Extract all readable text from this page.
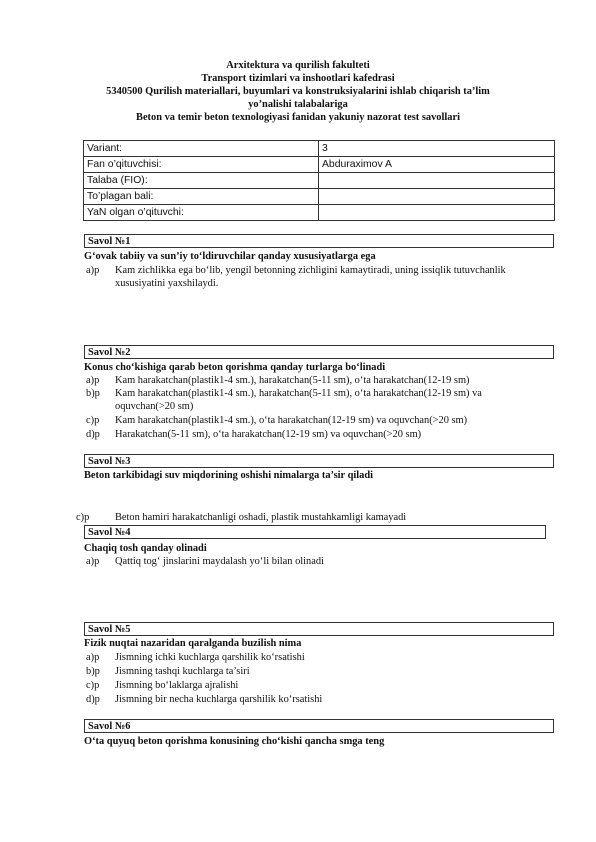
Arxitektura va qurilish fakulteti
Transport tizimlari va inshootlari kafedrasi
5340500 Qurilish materiallari, buyumlari va konstruksiyalarini ishlab chiqarish ta’lim
yo’nalishi talabalariga
Beton va temir beton texnologiyasi fanidan yakuniy nazorat test savollari
Variant:	3
Fan o’qituvchisi:	Abduraximov A
Talaba (FIO):	
To’plagan bali:	
YaN olgan o’qituvchi:	
Savol №1
G‘ovak tabiiy va sun’iy to‘ldiruvchilar qanday xususiyatlarga ega
a)p Kam zichlikka ega bo‘lib, yengil betonning zichligini kamaytiradi, uning issiqlik tutuvchanlik xususiyatini yaxshilaydi.
Savol №2
Konus cho‘kishiga qarab beton qorishma qanday turlarga bo‘linadi
a)p Kam harakatchan(plastik1-4 sm.), harakatchan(5-11 sm), o‘ta harakatchan(12-19 sm)
b)p Kam harakatchan(plastik1-4 sm.), harakatchan(5-11 sm), o‘ta harakatchan(12-19 sm) va oquvchan(>20 sm)
c)p Kam harakatchan(plastik1-4 sm.), o‘ta harakatchan(12-19 sm) va oquvchan(>20 sm)
d)p Harakatchan(5-11 sm), o‘ta harakatchan(12-19 sm) va oquvchan(>20 sm)
Savol №3
Beton tarkibidagi suv miqdorining oshishi nimalarga ta’sir qiladi
c)p Beton hamiri harakatchanligi oshadi, plastik mustahkamligi kamayadi
Savol №4
Chaqiq tosh qanday olinadi
a)p Qattiq tog‘ jinslarini maydalash yo‘li bilan olinadi
Savol №5
Fizik nuqtai nazaridan qaralganda buzilish nima
a)p Jismning ichki kuchlarga qarshilik ko‘rsatishi
b)p Jismning tashqi kuchlarga ta’siri
c)p Jismning bo‘laklarga ajralishi
d)p Jismning bir necha kuchlarga qarshilik ko‘rsatishi
Savol №6
O‘ta quyuq beton qorishma konusining cho‘kishi qancha smga teng
